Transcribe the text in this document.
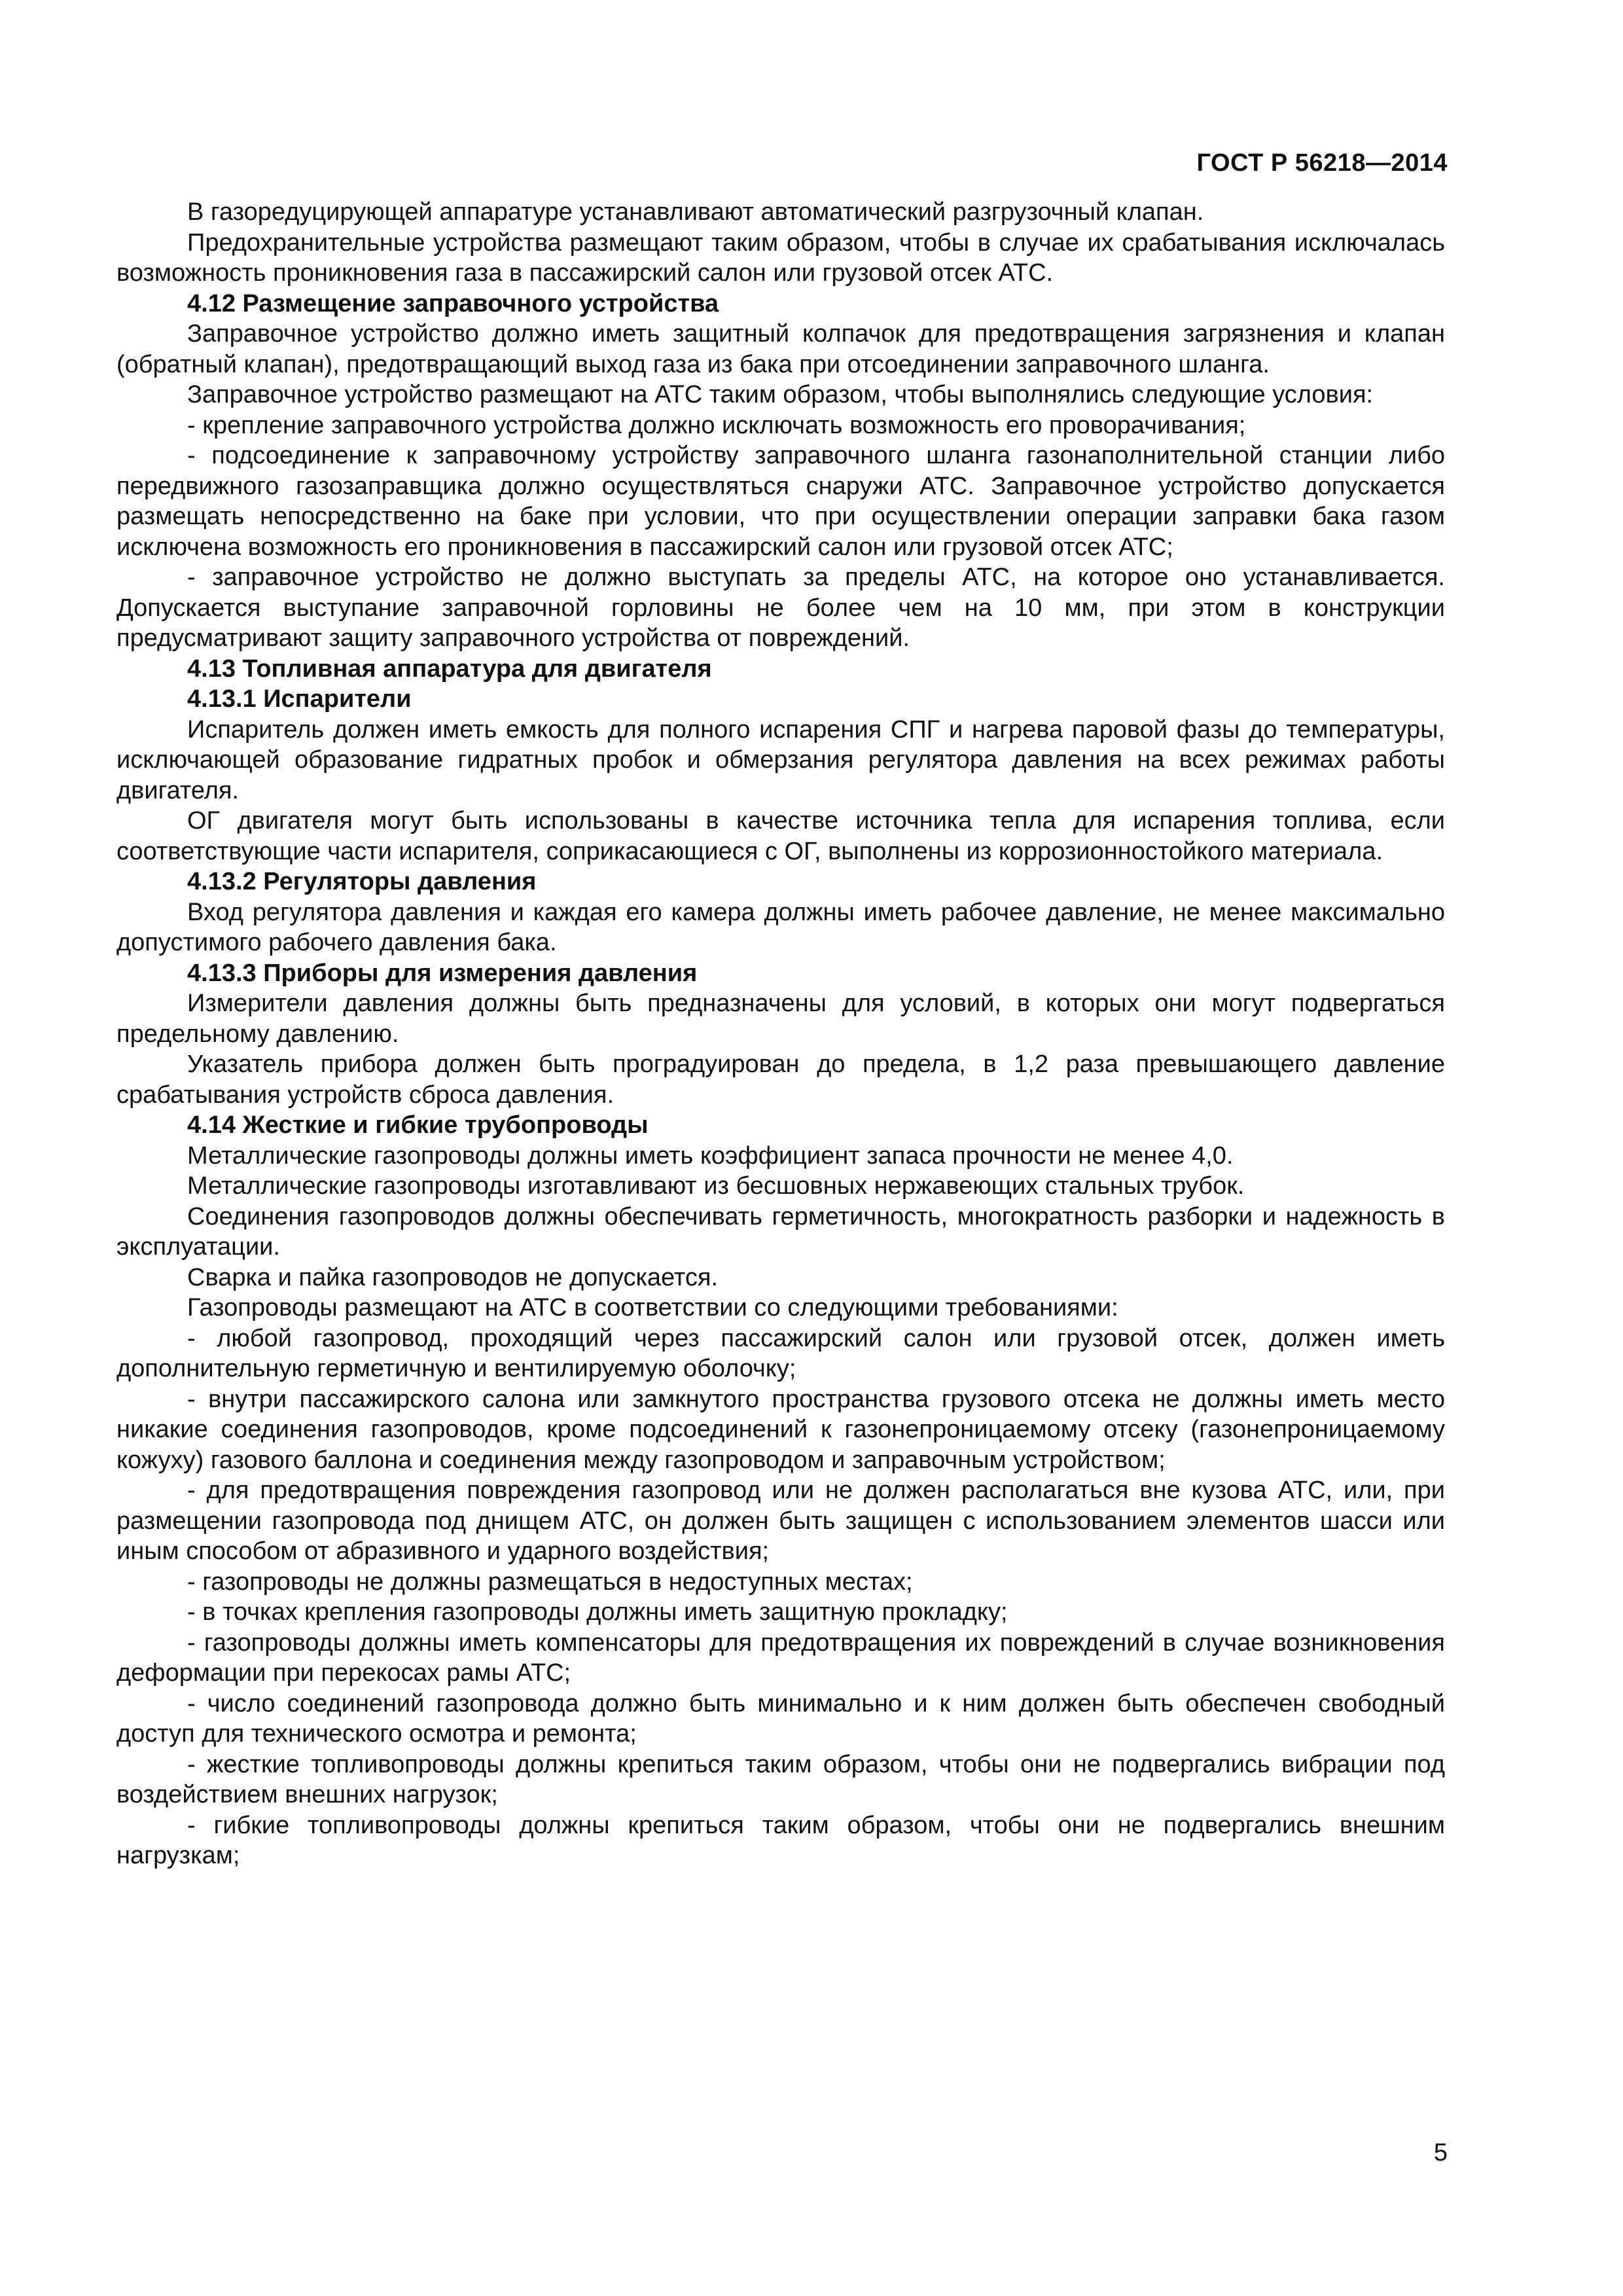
ГОСТ Р 56218—2014

В газоредуцирующей аппаратуре устанавливают автоматический разгрузочный клапан.

Предохранительные устройства размещают таким образом, чтобы в случае их срабатывания исключалась возможность проникновения газа в пассажирский салон или грузовой отсек АТС.

4.12 Размещение заправочного устройства

Заправочное устройство должно иметь защитный колпачок для предотвращения загрязнения и клапан (обратный клапан), предотвращающий выход газа из бака при отсоединении заправочного шланга.

Заправочное устройство размещают на АТС таким образом, чтобы выполнялись следующие условия:

- крепление заправочного устройства должно исключать возможность его проворачивания;

- подсоединение к заправочному устройству заправочного шланга газонаполнительной станции либо передвижного газозаправщика должно осуществляться снаружи АТС. Заправочное устройство допускается размещать непосредственно на баке при условии, что при осуществлении операции заправки бака газом исключена возможность его проникновения в пассажирский салон или грузовой отсек АТС;

- заправочное устройство не должно выступать за пределы АТС, на которое оно устанавливается. Допускается выступание заправочной горловины не более чем на 10 мм, при этом в конструкции предусматривают защиту заправочного устройства от повреждений.

4.13 Топливная аппаратура для двигателя

4.13.1 Испарители

Испаритель должен иметь емкость для полного испарения СПГ и нагрева паровой фазы до температуры, исключающей образование гидратных пробок и обмерзания регулятора давления на всех режимах работы двигателя.

ОГ двигателя могут быть использованы в качестве источника тепла для испарения топлива, если соответствующие части испарителя, соприкасающиеся с ОГ, выполнены из коррозионностойкого материала.

4.13.2 Регуляторы давления

Вход регулятора давления и каждая его камера должны иметь рабочее давление, не менее максимально допустимого рабочего давления бака.

4.13.3 Приборы для измерения давления

Измерители давления должны быть предназначены для условий, в которых они могут подвергаться предельному давлению.

Указатель прибора должен быть проградуирован до предела, в 1,2 раза превышающего давление срабатывания устройств сброса давления.

4.14 Жесткие и гибкие трубопроводы

Металлические газопроводы должны иметь коэффициент запаса прочности не менее 4,0.

Металлические газопроводы изготавливают из бесшовных нержавеющих стальных трубок.

Соединения газопроводов должны обеспечивать герметичность, многократность разборки и надежность в эксплуатации.

Сварка и пайка газопроводов не допускается.

Газопроводы размещают на АТС в соответствии со следующими требованиями:

- любой газопровод, проходящий через пассажирский салон или грузовой отсек, должен иметь дополнительную герметичную и вентилируемую оболочку;

- внутри пассажирского салона или замкнутого пространства грузового отсека не должны иметь место никакие соединения газопроводов, кроме подсоединений к газонепроницаемому отсеку (газонепроницаемому кожуху) газового баллона и соединения между газопроводом и заправочным устройством;

- для предотвращения повреждения газопровод или не должен располагаться вне кузова АТС, или, при размещении газопровода под днищем АТС, он должен быть защищен с использованием элементов шасси или иным способом от абразивного и ударного воздействия;

- газопроводы не должны размещаться в недоступных местах;

- в точках крепления газопроводы должны иметь защитную прокладку;

- газопроводы должны иметь компенсаторы для предотвращения их повреждений в случае возникновения деформации при перекосах рамы АТС;

- число соединений газопровода должно быть минимально и к ним должен быть обеспечен свободный доступ для технического осмотра и ремонта;

- жесткие топливопроводы должны крепиться таким образом, чтобы они не подвергались вибрации под воздействием внешних нагрузок;

- гибкие топливопроводы должны крепиться таким образом, чтобы они не подвергались внешним нагрузкам;

5
